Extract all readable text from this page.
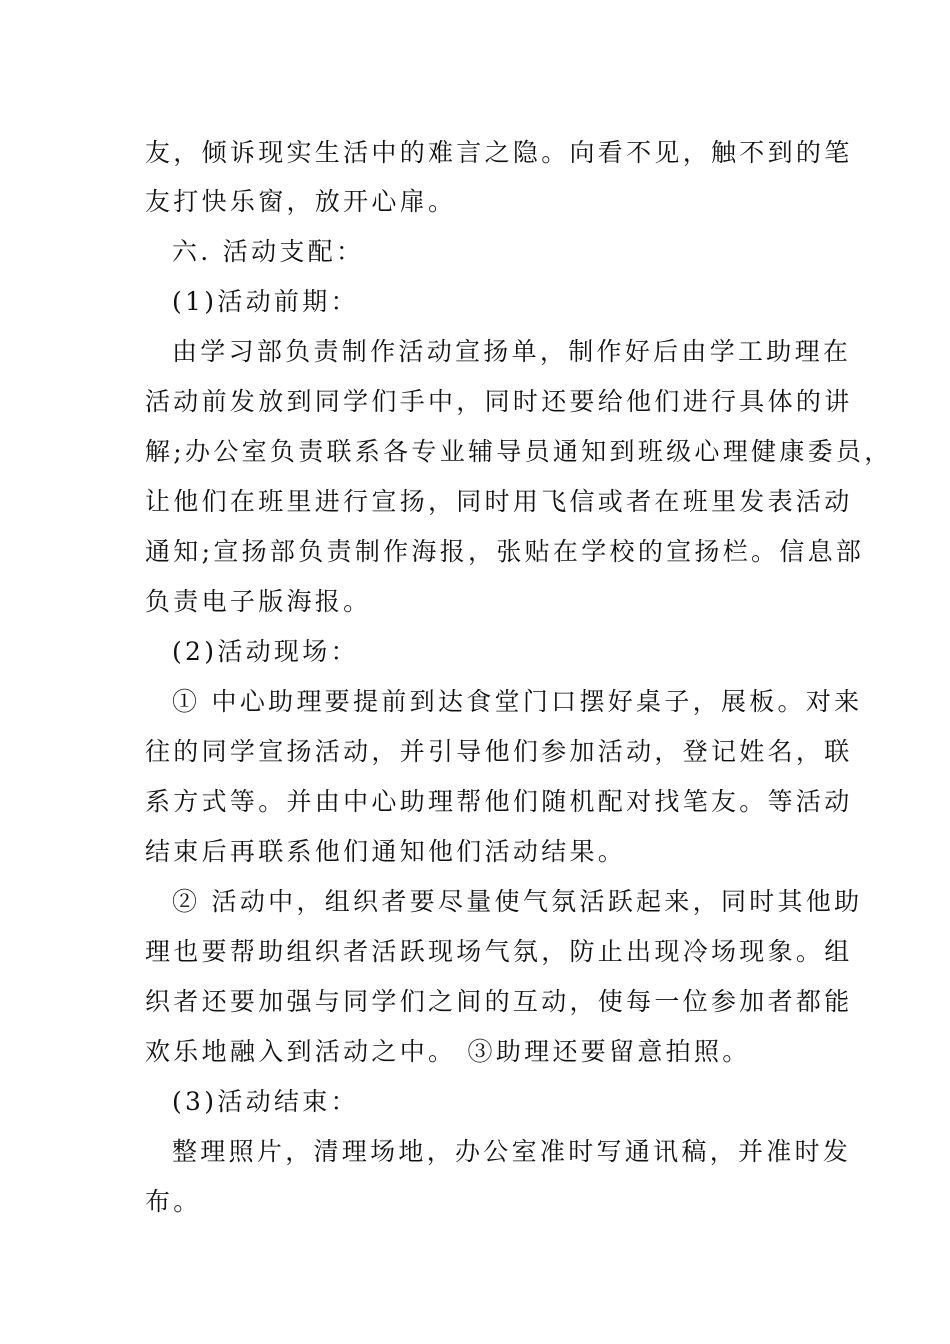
友，倾诉现实生活中的难言之隐。向看不见，触不到的笔
友打快乐窗，放开心扉。
六. 活动支配：
(1)活动前期：
由学习部负责制作活动宣扬单，制作好后由学工助理在
活动前发放到同学们手中，同时还要给他们进行具体的讲
解;办公室负责联系各专业辅导员通知到班级心理健康委员，
让他们在班里进行宣扬，同时用飞信或者在班里发表活动
通知;宣扬部负责制作海报，张贴在学校的宣扬栏。信息部
负责电子版海报。
(2)活动现场：
① 中心助理要提前到达食堂门口摆好桌子，展板。对来
往的同学宣扬活动，并引导他们参加活动，登记姓名，联
系方式等。并由中心助理帮他们随机配对找笔友。等活动
结束后再联系他们通知他们活动结果。
② 活动中，组织者要尽量使气氛活跃起来，同时其他助
理也要帮助组织者活跃现场气氛，防止出现冷场现象。组
织者还要加强与同学们之间的互动，使每一位参加者都能
欢乐地融入到活动之中。 ③助理还要留意拍照。
(3)活动结束：
整理照片，清理场地，办公室准时写通讯稿，并准时发
布。
